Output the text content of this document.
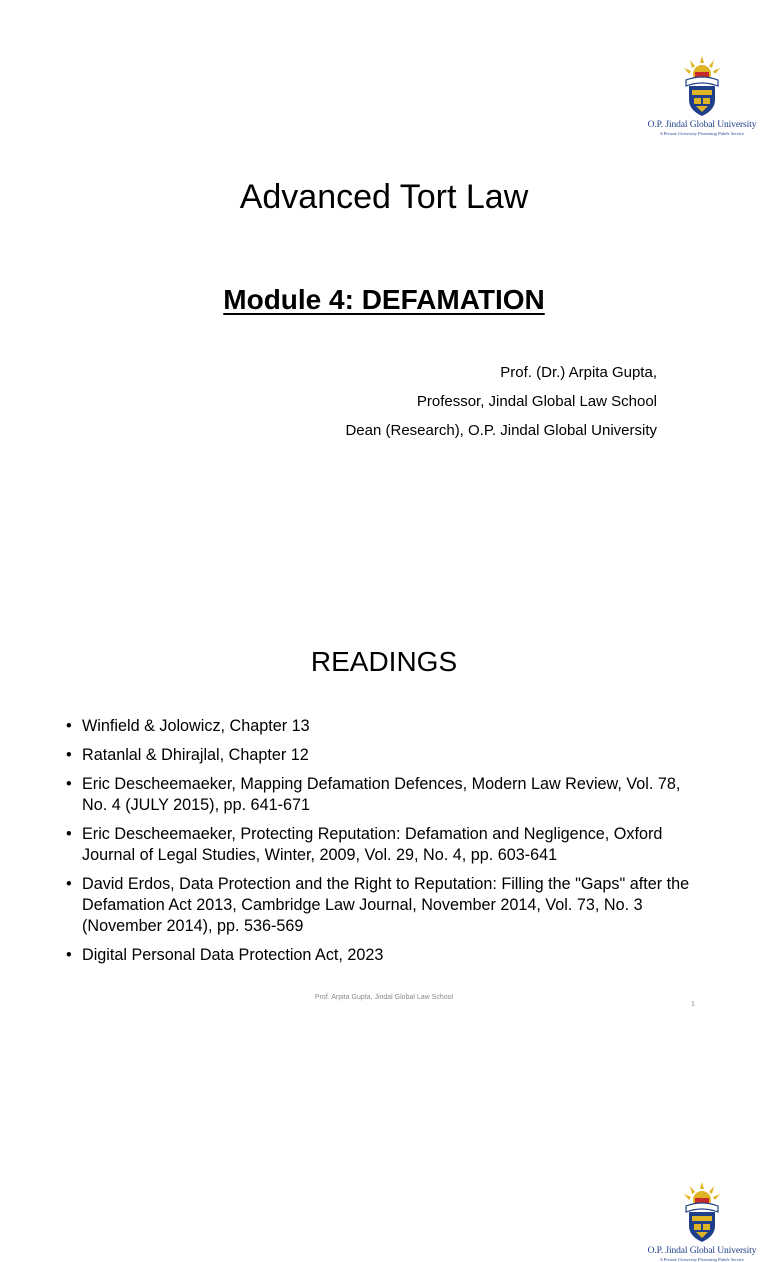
O.P. Jindal Global University
A Private University Promoting Public Service
Advanced Tort Law
Module 4: DEFAMATION
Prof. (Dr.) Arpita Gupta,
Professor, Jindal Global Law School
Dean (Research), O.P. Jindal Global University
O.P. Jindal Global University
A Private University Promoting Public Service
READINGS
• Winfield & Jolowicz, Chapter 13
• Ratanlal & Dhirajlal, Chapter 12
• Eric Descheemaeker, Mapping Defamation Defences, Modern Law Review, Vol. 78, No. 4 (JULY 2015), pp. 641-671
• Eric Descheemaeker, Protecting Reputation: Defamation and Negligence, Oxford Journal of Legal Studies, Winter, 2009, Vol. 29, No. 4, pp. 603-641
• David Erdos, Data Protection and the Right to Reputation: Filling the "Gaps" after the Defamation Act 2013, Cambridge Law Journal, November 2014, Vol. 73, No. 3 (November 2014), pp. 536-569
• Digital Personal Data Protection Act, 2023
Prof. Arpita Gupta, Jindal Global Law School
1
